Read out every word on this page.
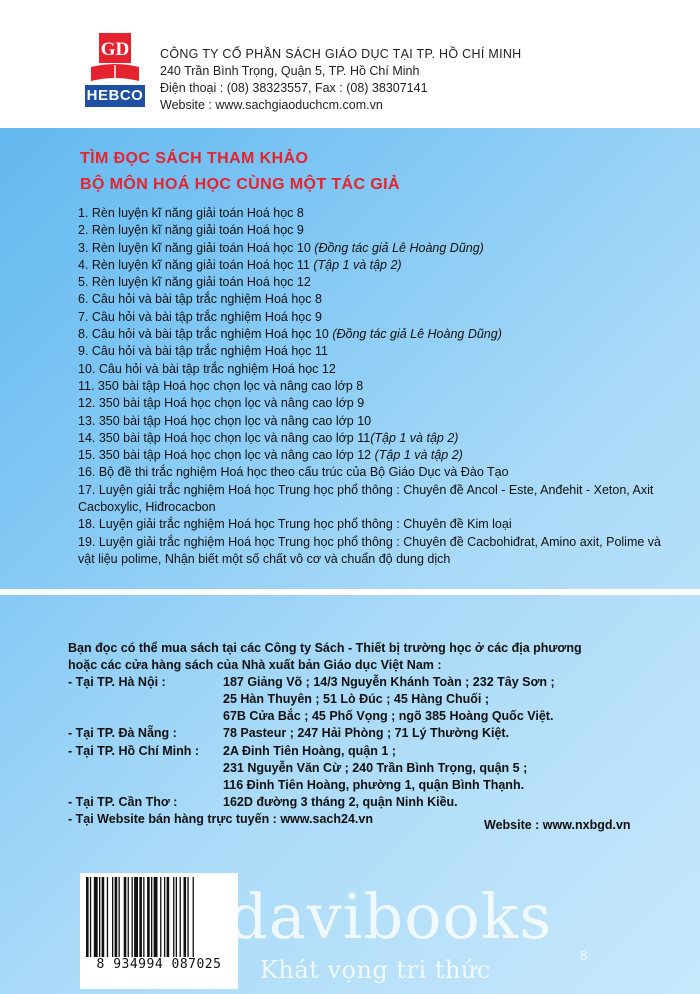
GD
HEBCO
CÔNG TY CỔ PHẦN SÁCH GIÁO DỤC TẠI TP. HỒ CHÍ MINH
240 Trần Bình Trọng, Quận 5, TP. Hồ Chí Minh
Điện thoại : (08) 38323557, Fax : (08) 38307141
Website : www.sachgiaoduchcm.com.vn
TÌM ĐỌC SÁCH THAM KHẢO
BỘ MÔN HOÁ HỌC CÙNG MỘT TÁC GIẢ
1. Rèn luyện kĩ năng giải toán Hoá học 8
2. Rèn luyện kĩ năng giải toán Hoá học 9
3. Rèn luyện kĩ năng giải toán Hoá học 10 (Đồng tác giả Lê Hoàng Dũng)
4. Rèn luyện kĩ năng giải toán Hoá học 11 (Tập 1 và tập 2)
5. Rèn luyện kĩ năng giải toán Hoá học 12
6. Câu hỏi và bài tập trắc nghiệm Hoá học 8
7. Câu hỏi và bài tập trắc nghiệm Hoá học 9
8. Câu hỏi và bài tập trắc nghiệm Hoá học 10 (Đồng tác giả Lê Hoàng Dũng)
9. Câu hỏi và bài tập trắc nghiệm Hoá học 11
10. Câu hỏi và bài tập trắc nghiệm Hoá học 12
11. 350 bài tập Hoá học chọn lọc và nâng cao lớp 8
12. 350 bài tập Hoá học chọn lọc và nâng cao lớp 9
13. 350 bài tập Hoá học chọn lọc và nâng cao lớp 10
14. 350 bài tập Hoá học chọn lọc và nâng cao lớp 11(Tập 1 và tập 2)
15. 350 bài tập Hoá học chọn lọc và nâng cao lớp 12 (Tập 1 và tập 2)
16. Bộ đề thi trắc nghiệm Hoá học theo cấu trúc của Bộ Giáo Dục và Đào Tạo
17. Luyện giải trắc nghiệm Hoá học Trung học phổ thông : Chuyên đề Ancol - Este, Anđehit - Xeton, Axit Cacboxylic, Hiđrocacbon
18. Luyện giải trắc nghiệm Hoá học Trung học phổ thông : Chuyên đề Kim loại
19. Luyện giải trắc nghiệm Hoá học Trung học phổ thông : Chuyên đề Cacbohiđrat, Amino axit, Polime và vật liệu polime, Nhận biết một số chất vô cơ và chuẩn độ dung dịch
Bạn đọc có thể mua sách tại các Công ty Sách - Thiết bị trường học ở các địa phương
hoặc các cửa hàng sách của Nhà xuất bản Giáo dục Việt Nam :
- Tại TP. Hà Nội :	187 Giảng Võ ; 14/3 Nguyễn Khánh Toàn ; 232 Tây Sơn ;
25 Hàn Thuyên ; 51 Lò Đúc ; 45 Hàng Chuối ;
67B Cửa Bắc ; 45 Phố Vọng ; ngõ 385 Hoàng Quốc Việt.
- Tại TP. Đà Nẵng :	78 Pasteur ; 247 Hải Phòng ; 71 Lý Thường Kiệt.
- Tại TP. Hồ Chí Minh :	2A Đinh Tiên Hoàng, quận 1 ;
231 Nguyễn Văn Cừ ; 240 Trần Bình Trọng, quận 5 ;
116 Đinh Tiên Hoàng, phường 1, quận Bình Thạnh.
- Tại TP. Cần Thơ :	162D đường 3 tháng 2, quận Ninh Kiều.
- Tại Website bán hàng trực tuyến : www.sach24.vn	Website : www.nxbgd.vn
8 934994 087025
davibooks
Khát vọng tri thức
8
